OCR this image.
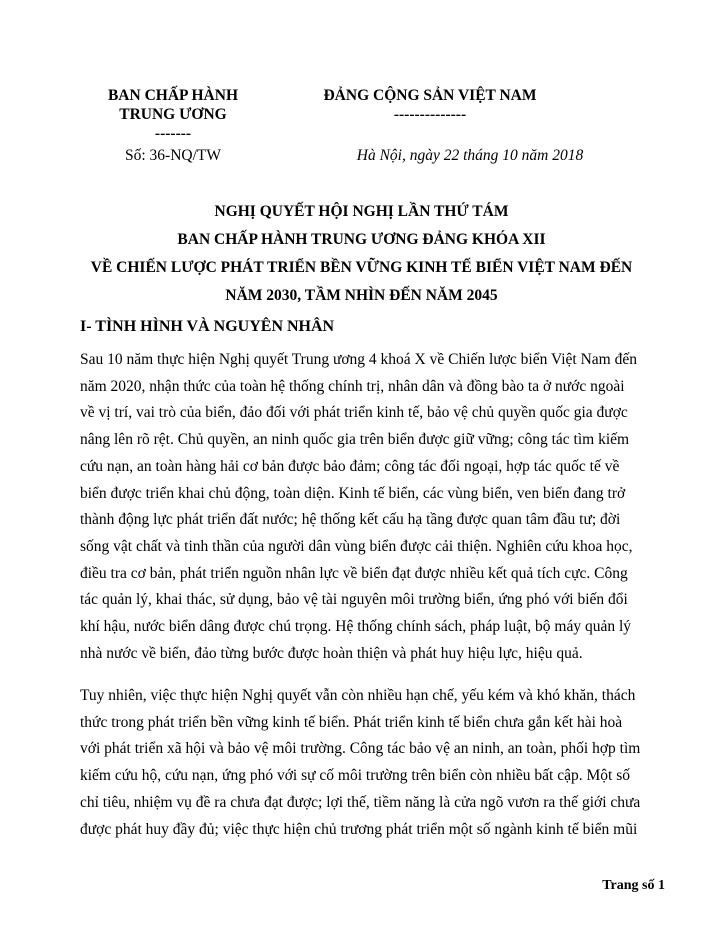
BAN CHẤP HÀNH
TRUNG ƯƠNG
-------
ĐẢNG CỘNG SẢN VIỆT NAM
--------------
Số: 36-NQ/TW	Hà Nội, ngày 22 tháng 10 năm 2018
NGHỊ QUYẾT HỘI NGHỊ LẦN THỨ TÁM
BAN CHẤP HÀNH TRUNG ƯƠNG ĐẢNG KHÓA XII
VỀ CHIẾN LƯỢC PHÁT TRIỂN BỀN VỮNG KINH TẾ BIỂN VIỆT NAM ĐẾN
NĂM 2030, TẦM NHÌN ĐẾN NĂM 2045
I- TÌNH HÌNH VÀ NGUYÊN NHÂN
Sau 10 năm thực hiện Nghị quyết Trung ương 4 khoá X về Chiến lược biển Việt Nam đến
năm 2020, nhận thức của toàn hệ thống chính trị, nhân dân và đồng bào ta ở nước ngoài
về vị trí, vai trò của biển, đảo đối với phát triển kinh tế, bảo vệ chủ quyền quốc gia được
nâng lên rõ rệt. Chủ quyền, an ninh quốc gia trên biển được giữ vững; công tác tìm kiếm
cứu nạn, an toàn hàng hải cơ bản được bảo đảm; công tác đối ngoại, hợp tác quốc tế về
biển được triển khai chủ động, toàn diện. Kinh tế biển, các vùng biển, ven biển đang trở
thành động lực phát triển đất nước; hệ thống kết cấu hạ tầng được quan tâm đầu tư; đời
sống vật chất và tinh thần của người dân vùng biển được cải thiện. Nghiên cứu khoa học,
điều tra cơ bản, phát triển nguồn nhân lực về biển đạt được nhiều kết quả tích cực. Công
tác quản lý, khai thác, sử dụng, bảo vệ tài nguyên môi trường biển, ứng phó với biến đổi
khí hậu, nước biển dâng được chú trọng. Hệ thống chính sách, pháp luật, bộ máy quản lý
nhà nước về biển, đảo từng bước được hoàn thiện và phát huy hiệu lực, hiệu quả.
Tuy nhiên, việc thực hiện Nghị quyết vẫn còn nhiều hạn chế, yếu kém và khó khăn, thách
thức trong phát triển bền vững kinh tế biển. Phát triển kinh tế biển chưa gắn kết hài hoà
với phát triển xã hội và bảo vệ môi trường. Công tác bảo vệ an ninh, an toàn, phối hợp tìm
kiếm cứu hộ, cứu nạn, ứng phó với sự cố môi trường trên biển còn nhiều bất cập. Một số
chỉ tiêu, nhiệm vụ đề ra chưa đạt được; lợi thế, tiềm năng là cửa ngõ vươn ra thế giới chưa
được phát huy đầy đủ; việc thực hiện chủ trương phát triển một số ngành kinh tế biển mũi
Trang số 1
